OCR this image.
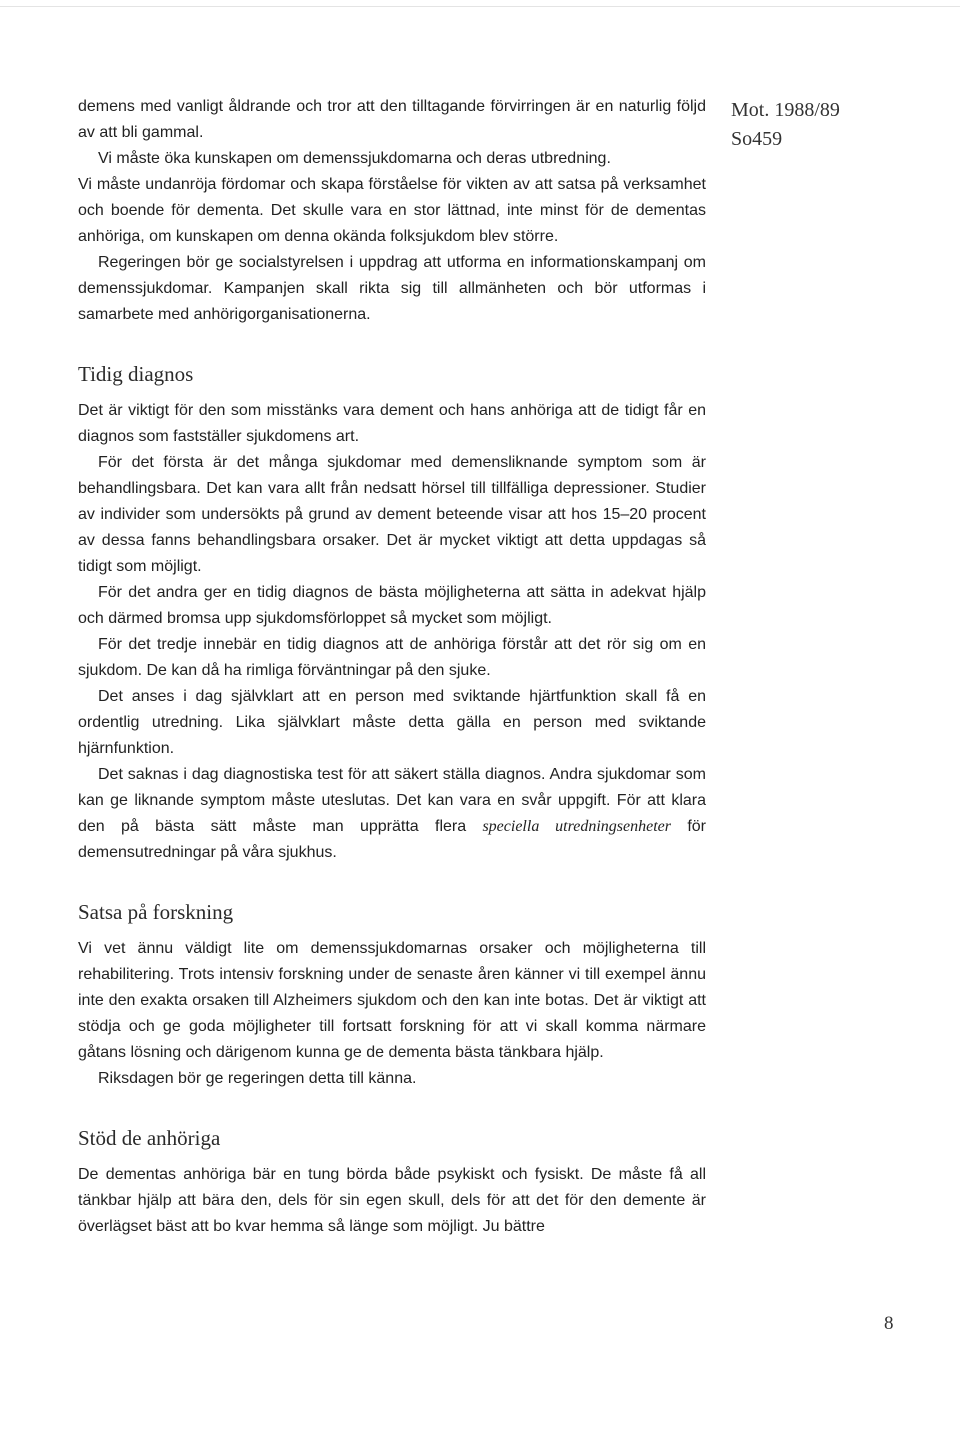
Mot. 1988/89
So459

demens med vanligt åldrande och tror att den tilltagande förvirringen är en naturlig följd av att bli gammal.

Vi måste öka kunskapen om demenssjukdomarna och deras utbredning.

Vi måste undanröja fördomar och skapa förståelse för vikten av att satsa på verksamhet och boende för dementa. Det skulle vara en stor lättnad, inte minst för de dementas anhöriga, om kunskapen om denna okända folksjukdom blev större.

Regeringen bör ge socialstyrelsen i uppdrag att utforma en informationskampanj om demenssjukdomar. Kampanjen skall rikta sig till allmänheten och bör utformas i samarbete med anhörigorganisationerna.

Tidig diagnos

Det är viktigt för den som misstänks vara dement och hans anhöriga att de tidigt får en diagnos som fastställer sjukdomens art.

För det första är det många sjukdomar med demensliknande symptom som är behandlingsbara. Det kan vara allt från nedsatt hörsel till tillfälliga depressioner. Studier av individer som undersökts på grund av dement beteende visar att hos 15–20 procent av dessa fanns behandlingsbara orsaker. Det är mycket viktigt att detta uppdagas så tidigt som möjligt.

För det andra ger en tidig diagnos de bästa möjligheterna att sätta in adekvat hjälp och därmed bromsa upp sjukdomsförloppet så mycket som möjligt.

För det tredje innebär en tidig diagnos att de anhöriga förstår att det rör sig om en sjukdom. De kan då ha rimliga förväntningar på den sjuke.

Det anses i dag självklart att en person med sviktande hjärtfunktion skall få en ordentlig utredning. Lika självklart måste detta gälla en person med sviktande hjärnfunktion.

Det saknas i dag diagnostiska test för att säkert ställa diagnos. Andra sjukdomar som kan ge liknande symptom måste uteslutas. Det kan vara en svår uppgift. För att klara den på bästa sätt måste man upprätta flera speciella utredningsenheter för demensutredningar på våra sjukhus.

Satsa på forskning

Vi vet ännu väldigt lite om demenssjukdomarnas orsaker och möjligheterna till rehabilitering. Trots intensiv forskning under de senaste åren känner vi till exempel ännu inte den exakta orsaken till Alzheimers sjukdom och den kan inte botas. Det är viktigt att stödja och ge goda möjligheter till fortsatt forskning för att vi skall komma närmare gåtans lösning och därigenom kunna ge de dementa bästa tänkbara hjälp.

Riksdagen bör ge regeringen detta till känna.

Stöd de anhöriga

De dementas anhöriga bär en tung börda både psykiskt och fysiskt. De måste få all tänkbar hjälp att bära den, dels för sin egen skull, dels för att det för den demente är överlägset bäst att bo kvar hemma så länge som möjligt. Ju bättre

8
